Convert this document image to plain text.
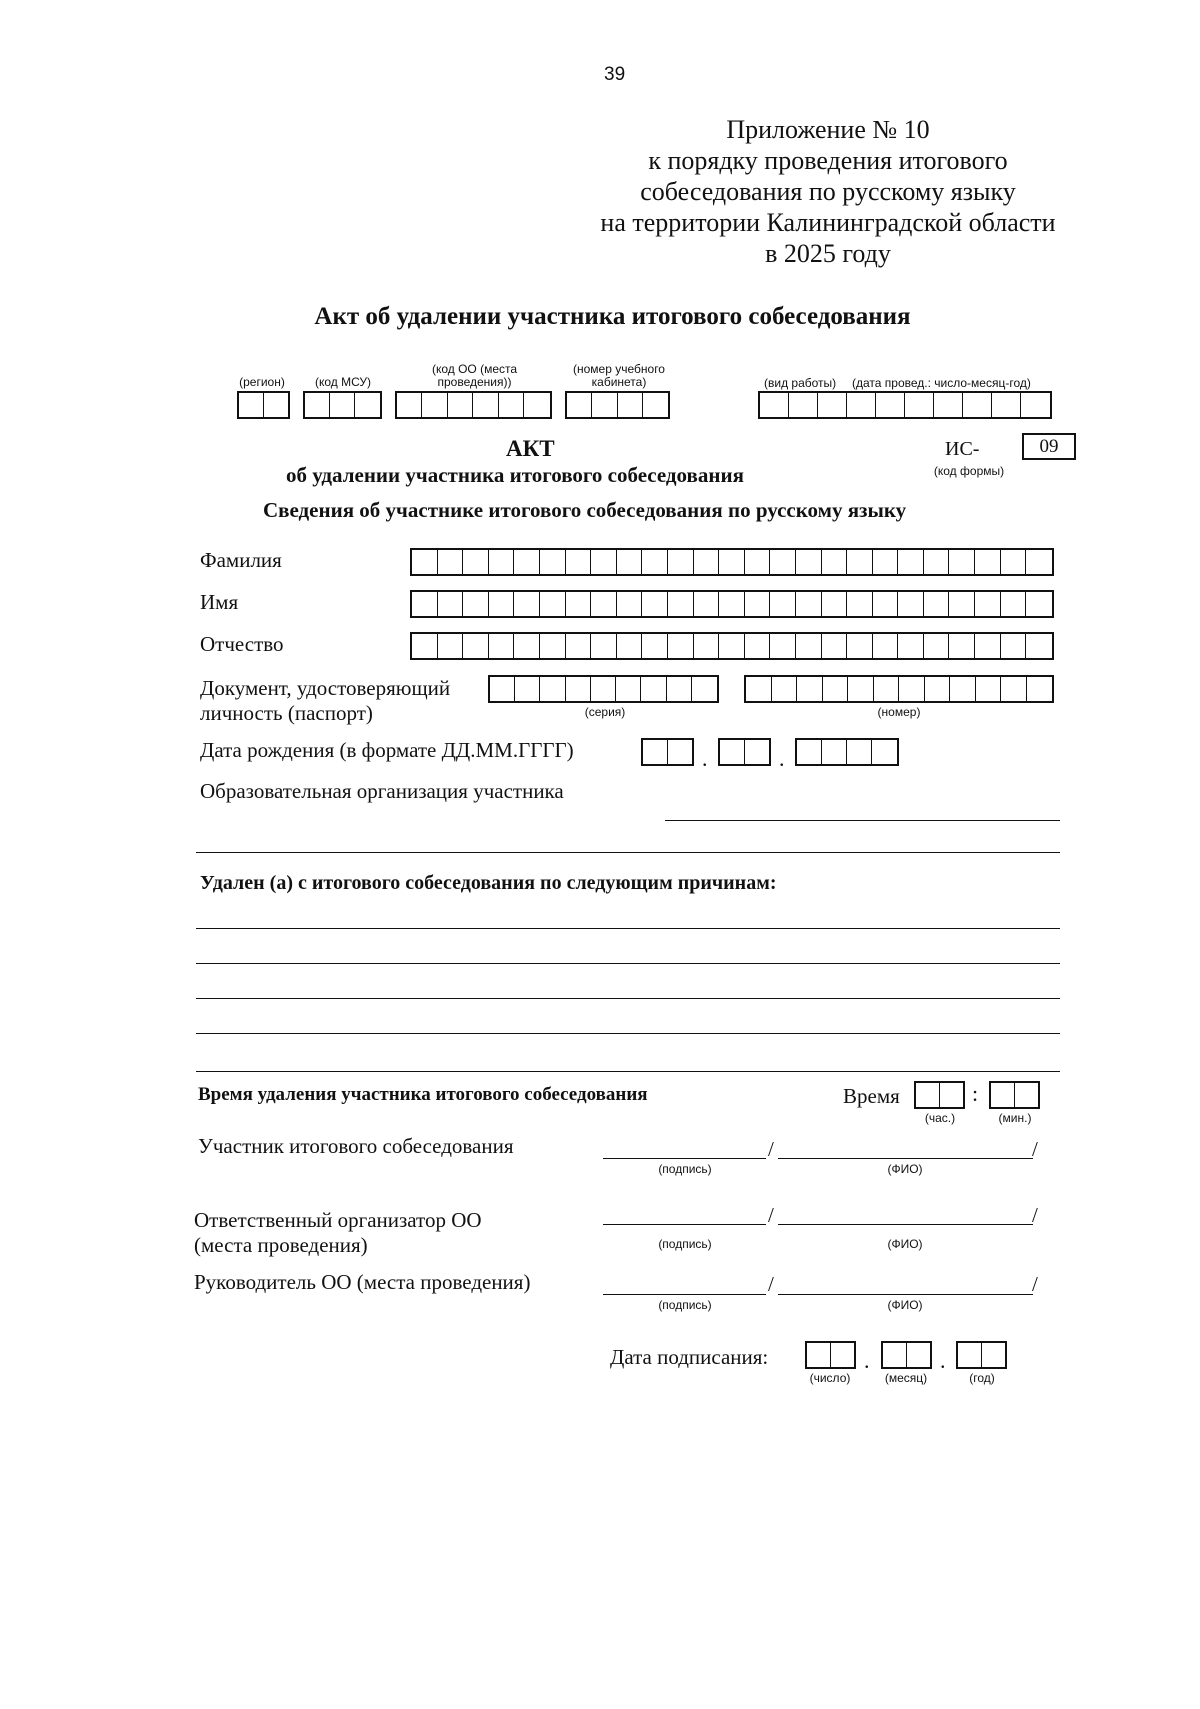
39
Приложение № 10
к порядку проведения итогового
собеседования по русскому языку
на территории Калининградской области
в 2025 году
Акт об удалении участника итогового собеседования
(регион)	(код МСУ)
(код ОО (места
проведения))
(номер учебного
кабинета)	(вид работы)	(дата провед.: число-месяц-год)
АКТ
об удалении участника итогового собеседования
ИС-	09
(код формы)
Сведения об участнике итогового собеседования по русскому языку
Фамилия
Имя
Отчество
Документ, удостоверяющий
личность (паспорт)	(серия)	(номер)
Дата рождения (в формате ДД.ММ.ГГГГ)	.	.
Образовательная организация участника
Удален (а) с итогового собеседования по следующим причинам:
Время удаления участника итогового собеседования	Время	:
(час.)	(мин.)
Участник итогового собеседования	/	/
(подпись)	(ФИО)
Ответственный организатор ОО
(места проведения)
/	/
(подпись)	(ФИО)
Руководитель ОО (места проведения)	/	/
(подпись)	(ФИО)
Дата подписания:	.	.
(число)	(месяц)	(год)
